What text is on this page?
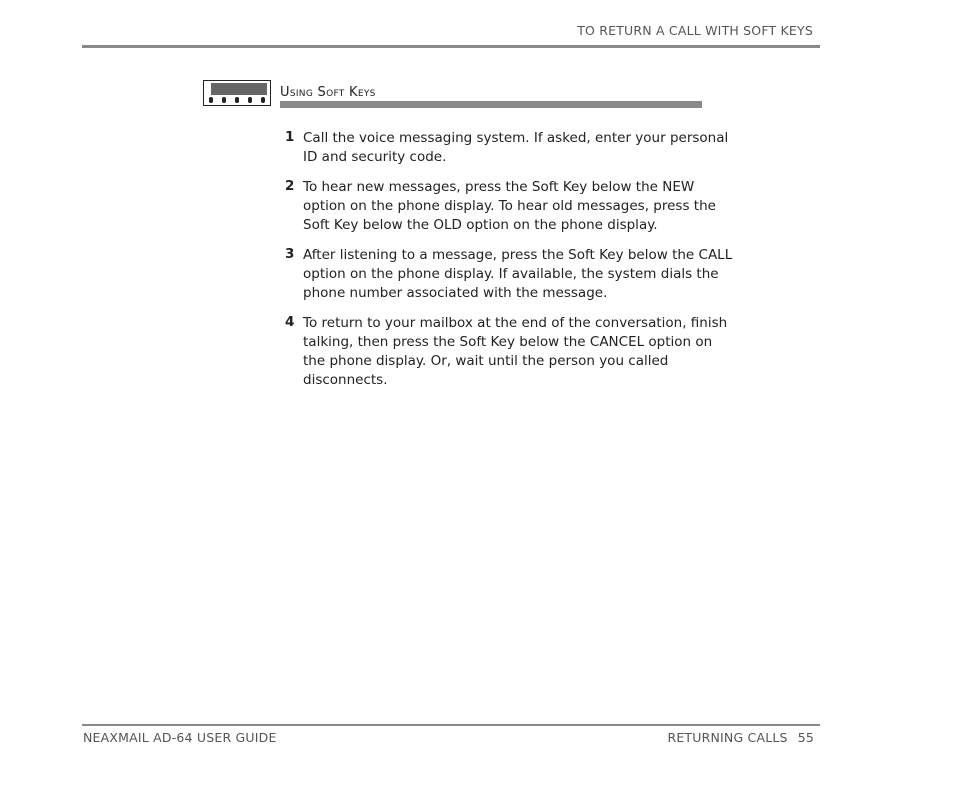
TO RETURN A CALL WITH SOFT KEYS
Using Soft Keys
1 Call the voice messaging system. If asked, enter your personal ID and security code.
2 To hear new messages, press the Soft Key below the NEW option on the phone display. To hear old messages, press the Soft Key below the OLD option on the phone display.
3 After listening to a message, press the Soft Key below the CALL option on the phone display. If available, the system dials the phone number associated with the message.
4 To return to your mailbox at the end of the conversation, finish talking, then press the Soft Key below the CANCEL option on the phone display. Or, wait until the person you called disconnects.
NEAXMAIL AD-64 USER GUIDE	RETURNING CALLS 55
